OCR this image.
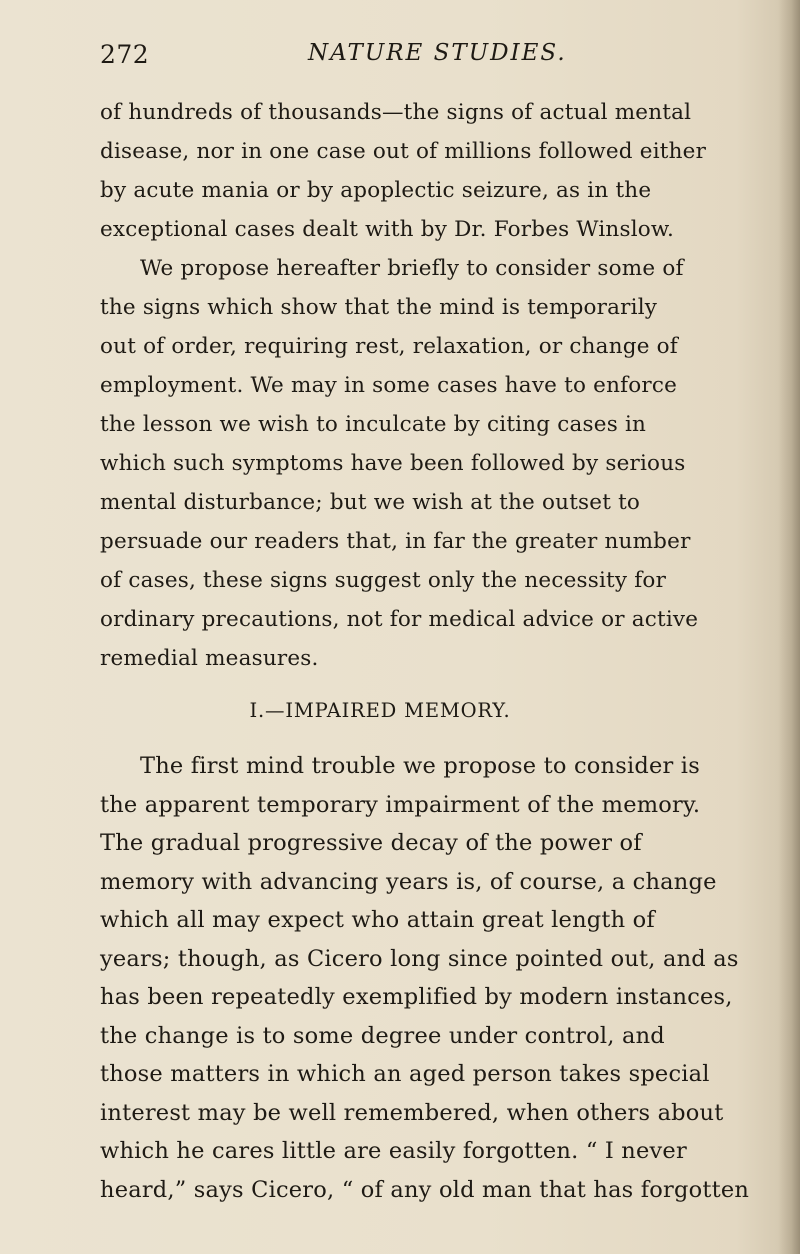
272	NATURE STUDIES.
of hundreds of thousands—the signs of actual mental
disease, nor in one case out of millions followed either
by acute mania or by apoplectic seizure, as in the
exceptional cases dealt with by Dr. Forbes Winslow.
We propose hereafter briefly to consider some of
the signs which show that the mind is temporarily
out of order, requiring rest, relaxation, or change of
employment. We may in some cases have to enforce
the lesson we wish to inculcate by citing cases in
which such symptoms have been followed by serious
mental disturbance; but we wish at the outset to
persuade our readers that, in far the greater number
of cases, these signs suggest only the necessity for
ordinary precautions, not for medical advice or active
remedial measures.
I.—IMPAIRED MEMORY.
The first mind trouble we propose to consider is
the apparent temporary impairment of the memory.
The gradual progressive decay of the power of
memory with advancing years is, of course, a change
which all may expect who attain great length of
years; though, as Cicero long since pointed out, and as
has been repeatedly exemplified by modern instances,
the change is to some degree under control, and
those matters in which an aged person takes special
interest may be well remembered, when others about
which he cares little are easily forgotten. “ I never
heard,” says Cicero, “ of any old man that has forgotten
